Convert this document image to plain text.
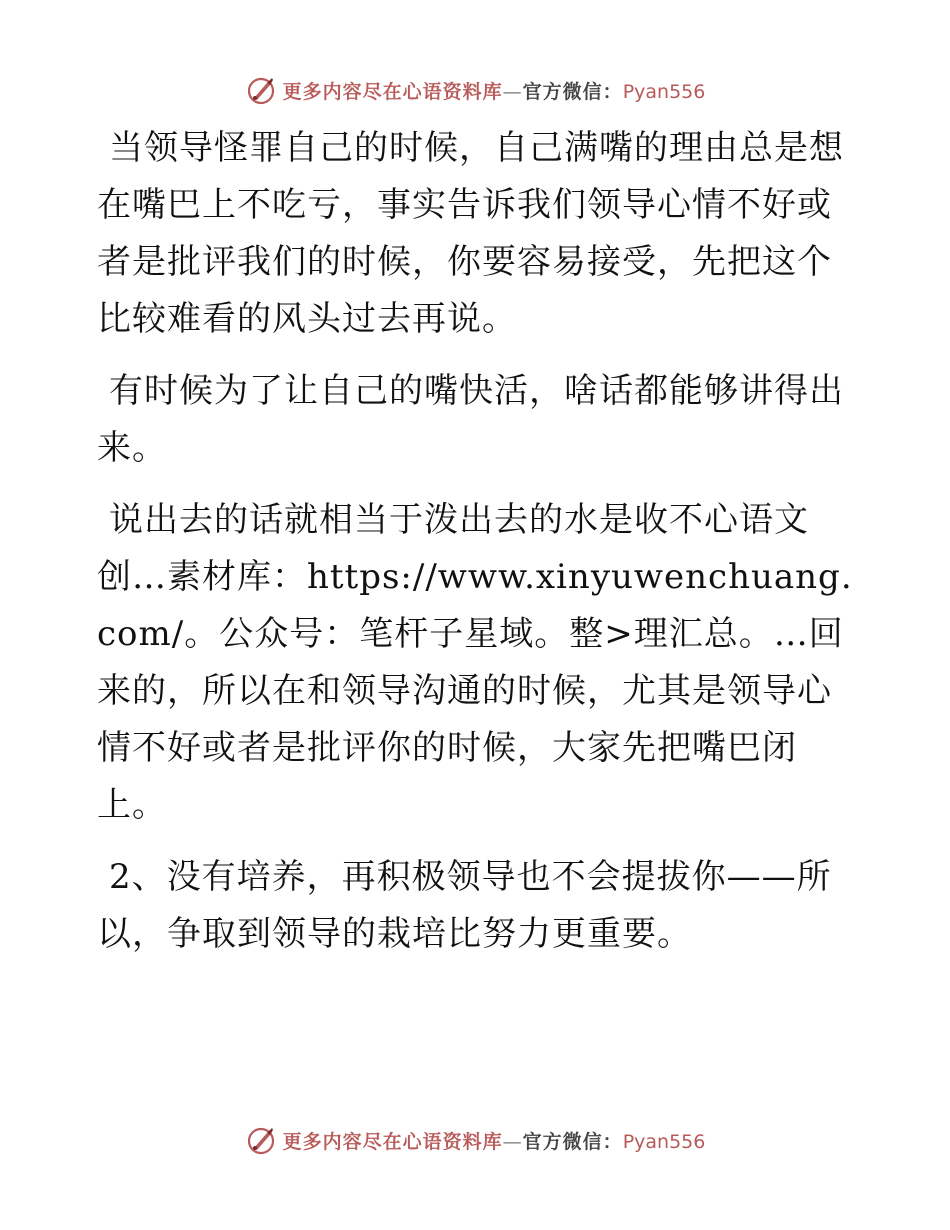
更多内容尽在心语资料库—官方微信：Pyan556

当领导怪罪自己的时候，自己满嘴的理由总是想在嘴巴上不吃亏，事实告诉我们领导心情不好或者是批评我们的时候，你要容易接受，先把这个比较难看的风头过去再说。

有时候为了让自己的嘴快活，啥话都能够讲得出来。

说出去的话就相当于泼出去的水是收不心语文创…素材库：https://www.xinyuwenchuang.com/。公众号：笔杆子星域。整>理汇总。…回来的，所以在和领导沟通的时候，尤其是领导心情不好或者是批评你的时候，大家先把嘴巴闭上。

2、没有培养，再积极领导也不会提拔你——所以，争取到领导的栽培比努力更重要。

更多内容尽在心语资料库—官方微信：Pyan556
